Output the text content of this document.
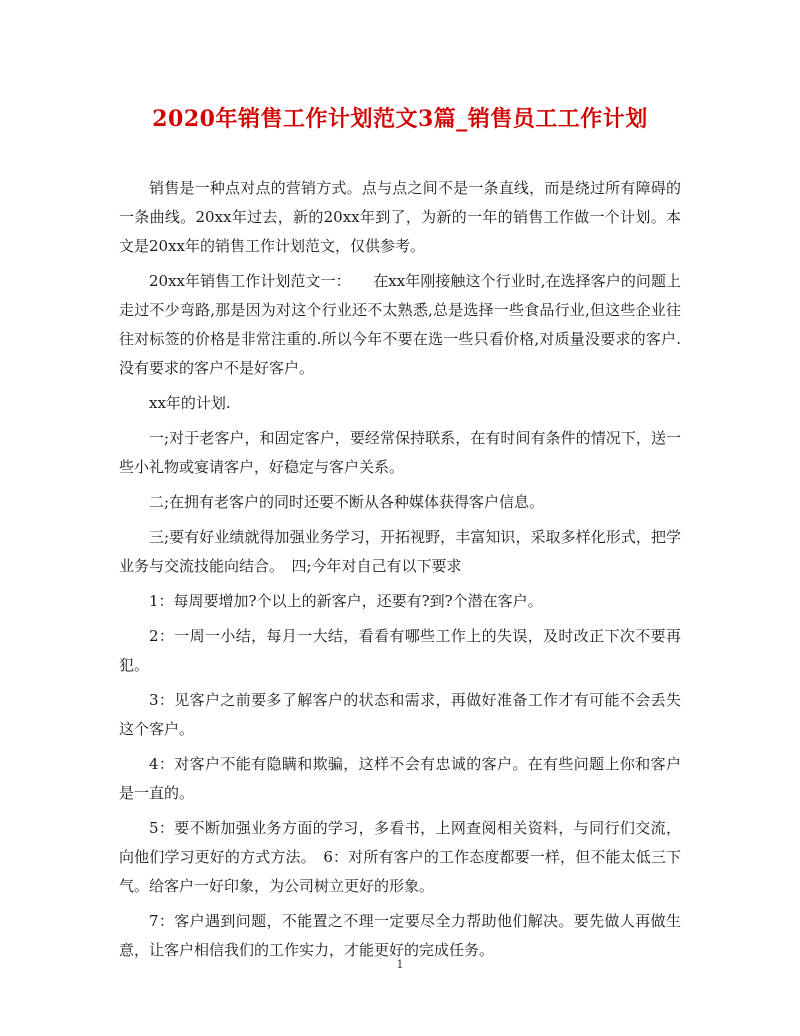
2020年销售工作计划范文3篇_销售员工工作计划

销售是一种点对点的营销方式。点与点之间不是一条直线，而是绕过所有障碍的一条曲线。20xx年过去，新的20xx年到了，为新的一年的销售工作做一个计划。本文是20xx年的销售工作计划范文，仅供参考。

20xx年销售工作计划范文一：　　在xx年刚接触这个行业时,在选择客户的问题上走过不少弯路,那是因为对这个行业还不太熟悉,总是选择一些食品行业,但这些企业往往对标签的价格是非常注重的.所以今年不要在选一些只看价格,对质量没要求的客户.没有要求的客户不是好客户。

xx年的计划.

一;对于老客户，和固定客户，要经常保持联系，在有时间有条件的情况下，送一些小礼物或宴请客户，好稳定与客户关系。

二;在拥有老客户的同时还要不断从各种媒体获得客户信息。

三;要有好业绩就得加强业务学习，开拓视野，丰富知识，采取多样化形式，把学业务与交流技能向结合。　四;今年对自己有以下要求

1：每周要增加?个以上的新客户，还要有?到?个潜在客户。

2：一周一小结，每月一大结，看看有哪些工作上的失误，及时改正下次不要再犯。

3：见客户之前要多了解客户的状态和需求，再做好准备工作才有可能不会丢失这个客户。

4：对客户不能有隐瞒和欺骗，这样不会有忠诚的客户。在有些问题上你和客户是一直的。

5：要不断加强业务方面的学习，多看书，上网查阅相关资料，与同行们交流，向他们学习更好的方式方法。　6：对所有客户的工作态度都要一样，但不能太低三下气。给客户一好印象，为公司树立更好的形象。

7：客户遇到问题，不能置之不理一定要尽全力帮助他们解决。要先做人再做生意，让客户相信我们的工作实力，才能更好的完成任务。

1
